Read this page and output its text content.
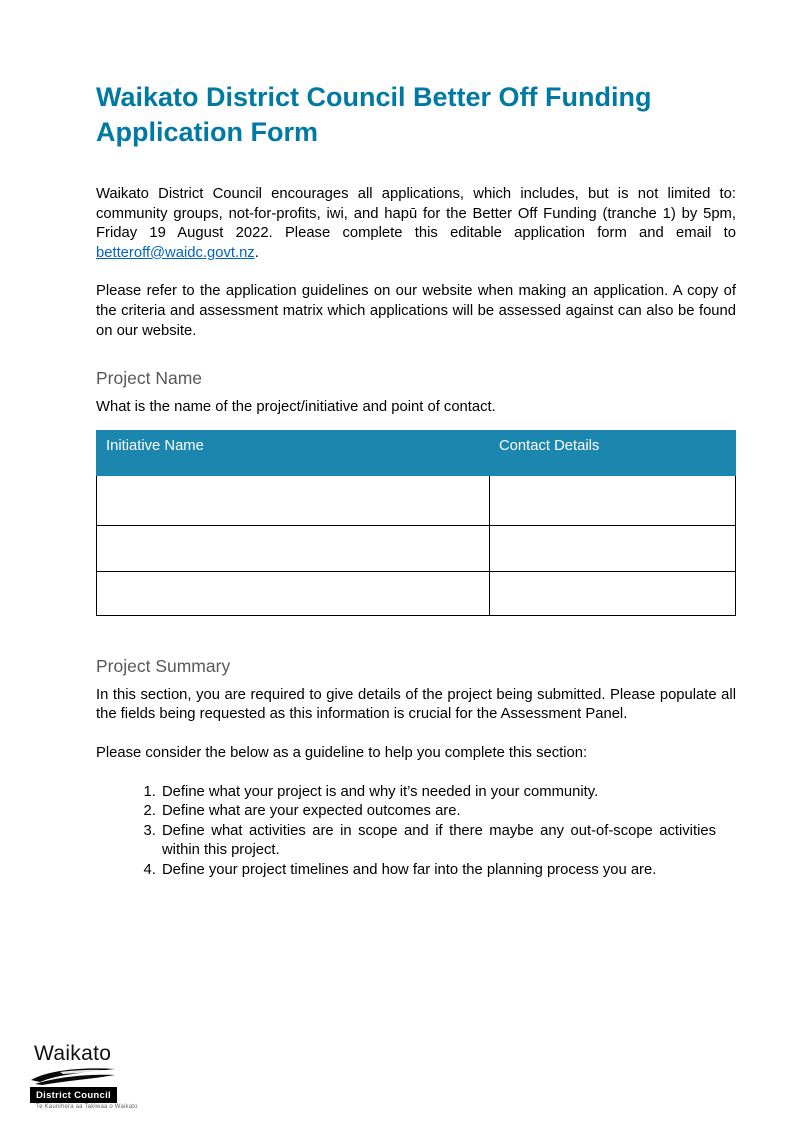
Waikato District Council Better Off Funding Application Form

Waikato District Council encourages all applications, which includes, but is not limited to: community groups, not-for-profits, iwi, and hapū for the Better Off Funding (tranche 1) by 5pm, Friday 19 August 2022. Please complete this editable application form and email to betteroff@waidc.govt.nz.

Please refer to the application guidelines on our website when making an application. A copy of the criteria and assessment matrix which applications will be assessed against can also be found on our website.

Project Name

What is the name of the project/initiative and point of contact.

Initiative Name	Contact Details

Project Summary

In this section, you are required to give details of the project being submitted. Please populate all the fields being requested as this information is crucial for the Assessment Panel.

Please consider the below as a guideline to help you complete this section:

1. Define what your project is and why it’s needed in your community.
2. Define what are your expected outcomes are.
3. Define what activities are in scope and if there maybe any out-of-scope activities within this project.
4. Define your project timelines and how far into the planning process you are.
Waikato
District Council
Te Kaunihera aa Takiwaa o Waikato
